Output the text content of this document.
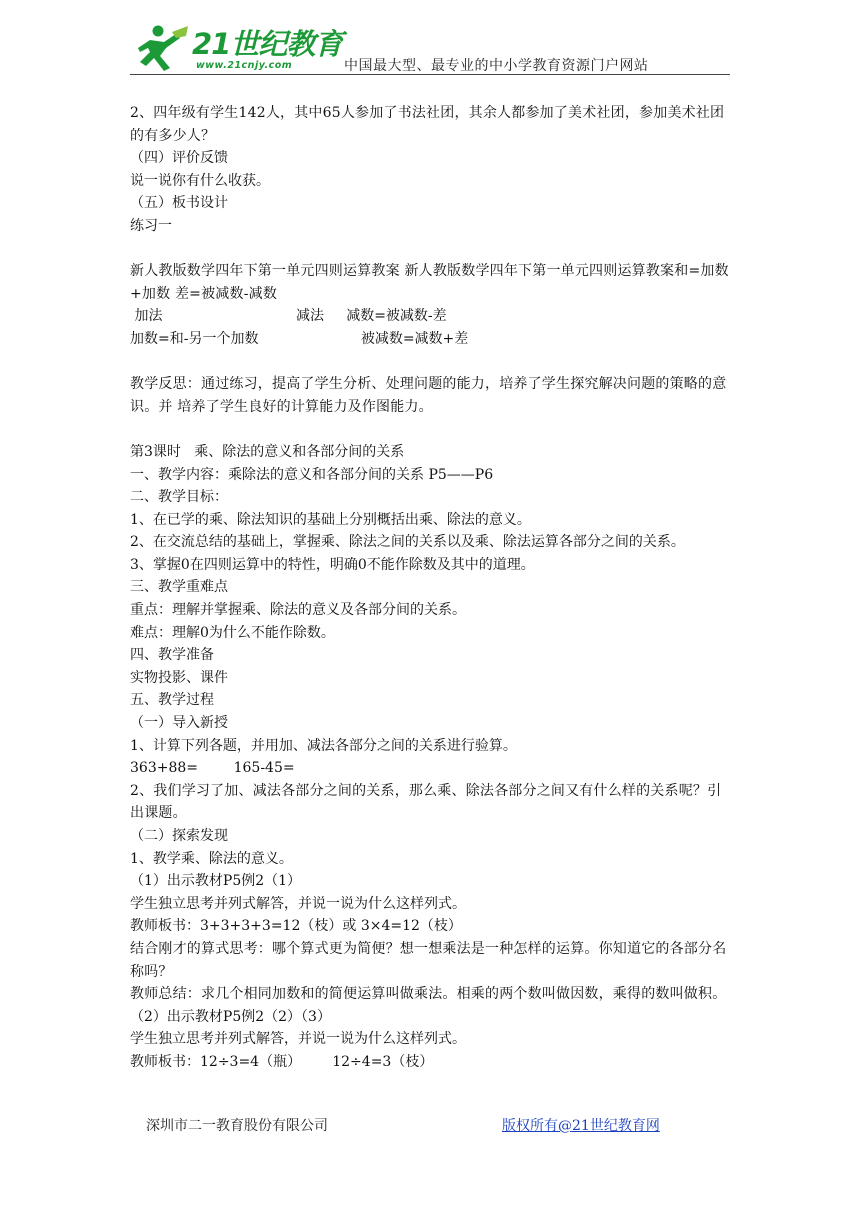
21世纪教育
www.21cnjy.com	中国最大型、最专业的中小学教育资源门户网站

2、四年级有学生142人，其中65人参加了书法社团，其余人都参加了美术社团，参加美术社团的有多少人？

（四）评价反馈

说一说你有什么收获。

（五）板书设计

练习一

新人教版数学四年下第一单元四则运算教案 新人教版数学四年下第一单元四则运算教案和=加数+加数 差=被减数-减数

加法                              减法     减数=被减数-差

加数=和-另一个加数                       被减数=减数+差

教学反思：通过练习，提高了学生分析、处理问题的能力，培养了学生探究解决问题的策略的意识。并 培养了学生良好的计算能力及作图能力。

第3课时   乘、除法的意义和各部分间的关系

一、教学内容：乘除法的意义和各部分间的关系 P5——P6

二、教学目标：

1、在已学的乘、除法知识的基础上分别概括出乘、除法的意义。

2、在交流总结的基础上，掌握乘、除法之间的关系以及乘、除法运算各部分之间的关系。

3、掌握0在四则运算中的特性，明确0不能作除数及其中的道理。

三、教学重难点

重点：理解并掌握乘、除法的意义及各部分间的关系。

难点：理解0为什么不能作除数。

四、教学准备

实物投影、课件

五、教学过程

（一）导入新授

1、计算下列各题，并用加、减法各部分之间的关系进行验算。

363+88=        165-45=

2、我们学习了加、减法各部分之间的关系，那么乘、除法各部分之间又有什么样的关系呢？引出课题。

（二）探索发现

1、教学乘、除法的意义。

（1）出示教材P5例2（1）

学生独立思考并列式解答，并说一说为什么这样列式。

教师板书：3+3+3+3=12（枝）或 3×4=12（枝）

结合刚才的算式思考：哪个算式更为简便？想一想乘法是一种怎样的运算。你知道它的各部分名称吗？

教师总结：求几个相同加数和的简便运算叫做乘法。相乘的两个数叫做因数，乘得的数叫做积。

（2）出示教材P5例2（2）（3）

学生独立思考并列式解答，并说一说为什么这样列式。

教师板书：12÷3=4（瓶）       12÷4=3（枝）

深圳市二一教育股份有限公司	版权所有@21世纪教育网
